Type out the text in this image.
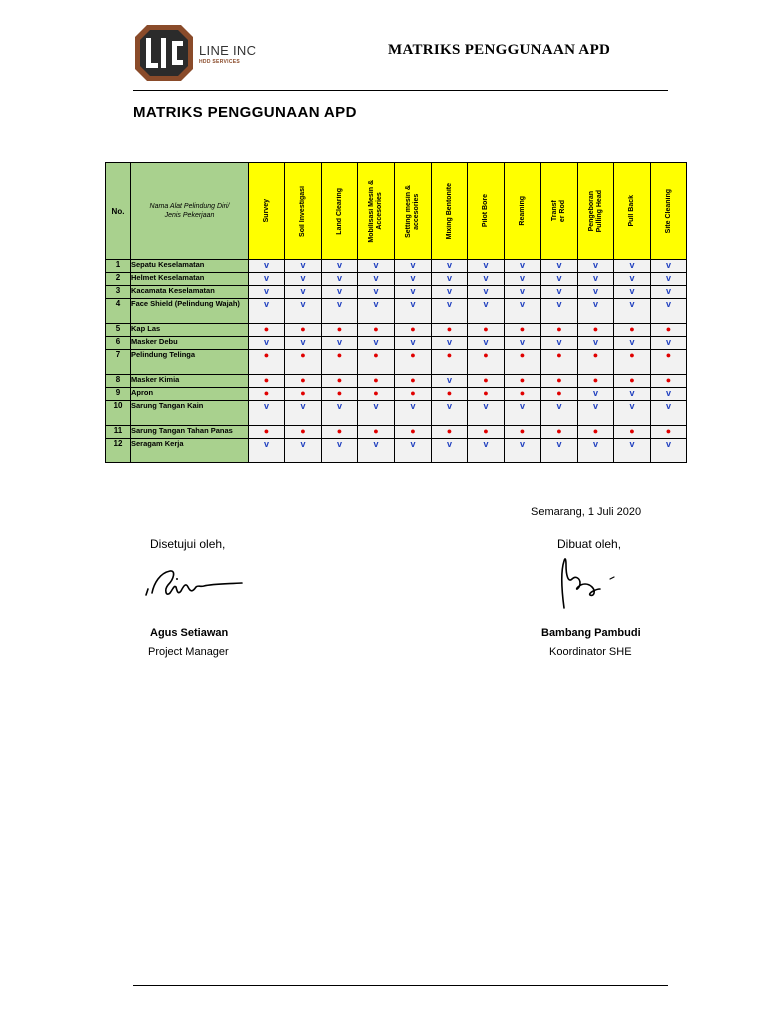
LINE INC
HDD SERVICES
MATRIKS PENGGUNAAN APD
MATRIKS PENGGUNAAN APD
No.	Nama Alat Pelindung Diri/
Jenis Pekerjaan	Survey	Soil Investigasi	Land Clearing	Mobilisasi Mesin &
Accesories	Setting mesin &
accesories	Mixing Bentonite	Pilot Bore	Reaming	Transf
er Rod	Pengeboran
Pulling Head	Pull Back	Site Cleaning

1	Sepatu Keselamatan	v	v	v	v	v	v	v	v	v	v	v	v
2	Helmet Keselamatan	v	v	v	v	v	v	v	v	v	v	v	v
3	Kacamata Keselamatan	v	v	v	v	v	v	v	v	v	v	v	v
4	Face Shield (Pelindung Wajah)	v	v	v	v	v	v	v	v	v	v	v	v
5	Kap Las	●	●	●	●	●	●	●	●	●	●	●	●
6	Masker Debu	v	v	v	v	v	v	v	v	v	v	v	v
7	Pelindung Telinga	●	●	●	●	●	●	●	●	●	●	●	●
8	Masker Kimia	●	●	●	●	●	v	●	●	●	●	●	●
9	Apron	●	●	●	●	●	●	●	●	●	v	v	v
10	Sarung Tangan Kain	v	v	v	v	v	v	v	v	v	v	v	v
11	Sarung Tangan Tahan Panas	●	●	●	●	●	●	●	●	●	●	●	●
12	Seragam Kerja	v	v	v	v	v	v	v	v	v	v	v	v
Semarang, 1 Juli 2020
Disetujui oleh,	Dibuat oleh,
Agus Setiawan
Project Manager
Bambang Pambudi
Koordinator SHE
